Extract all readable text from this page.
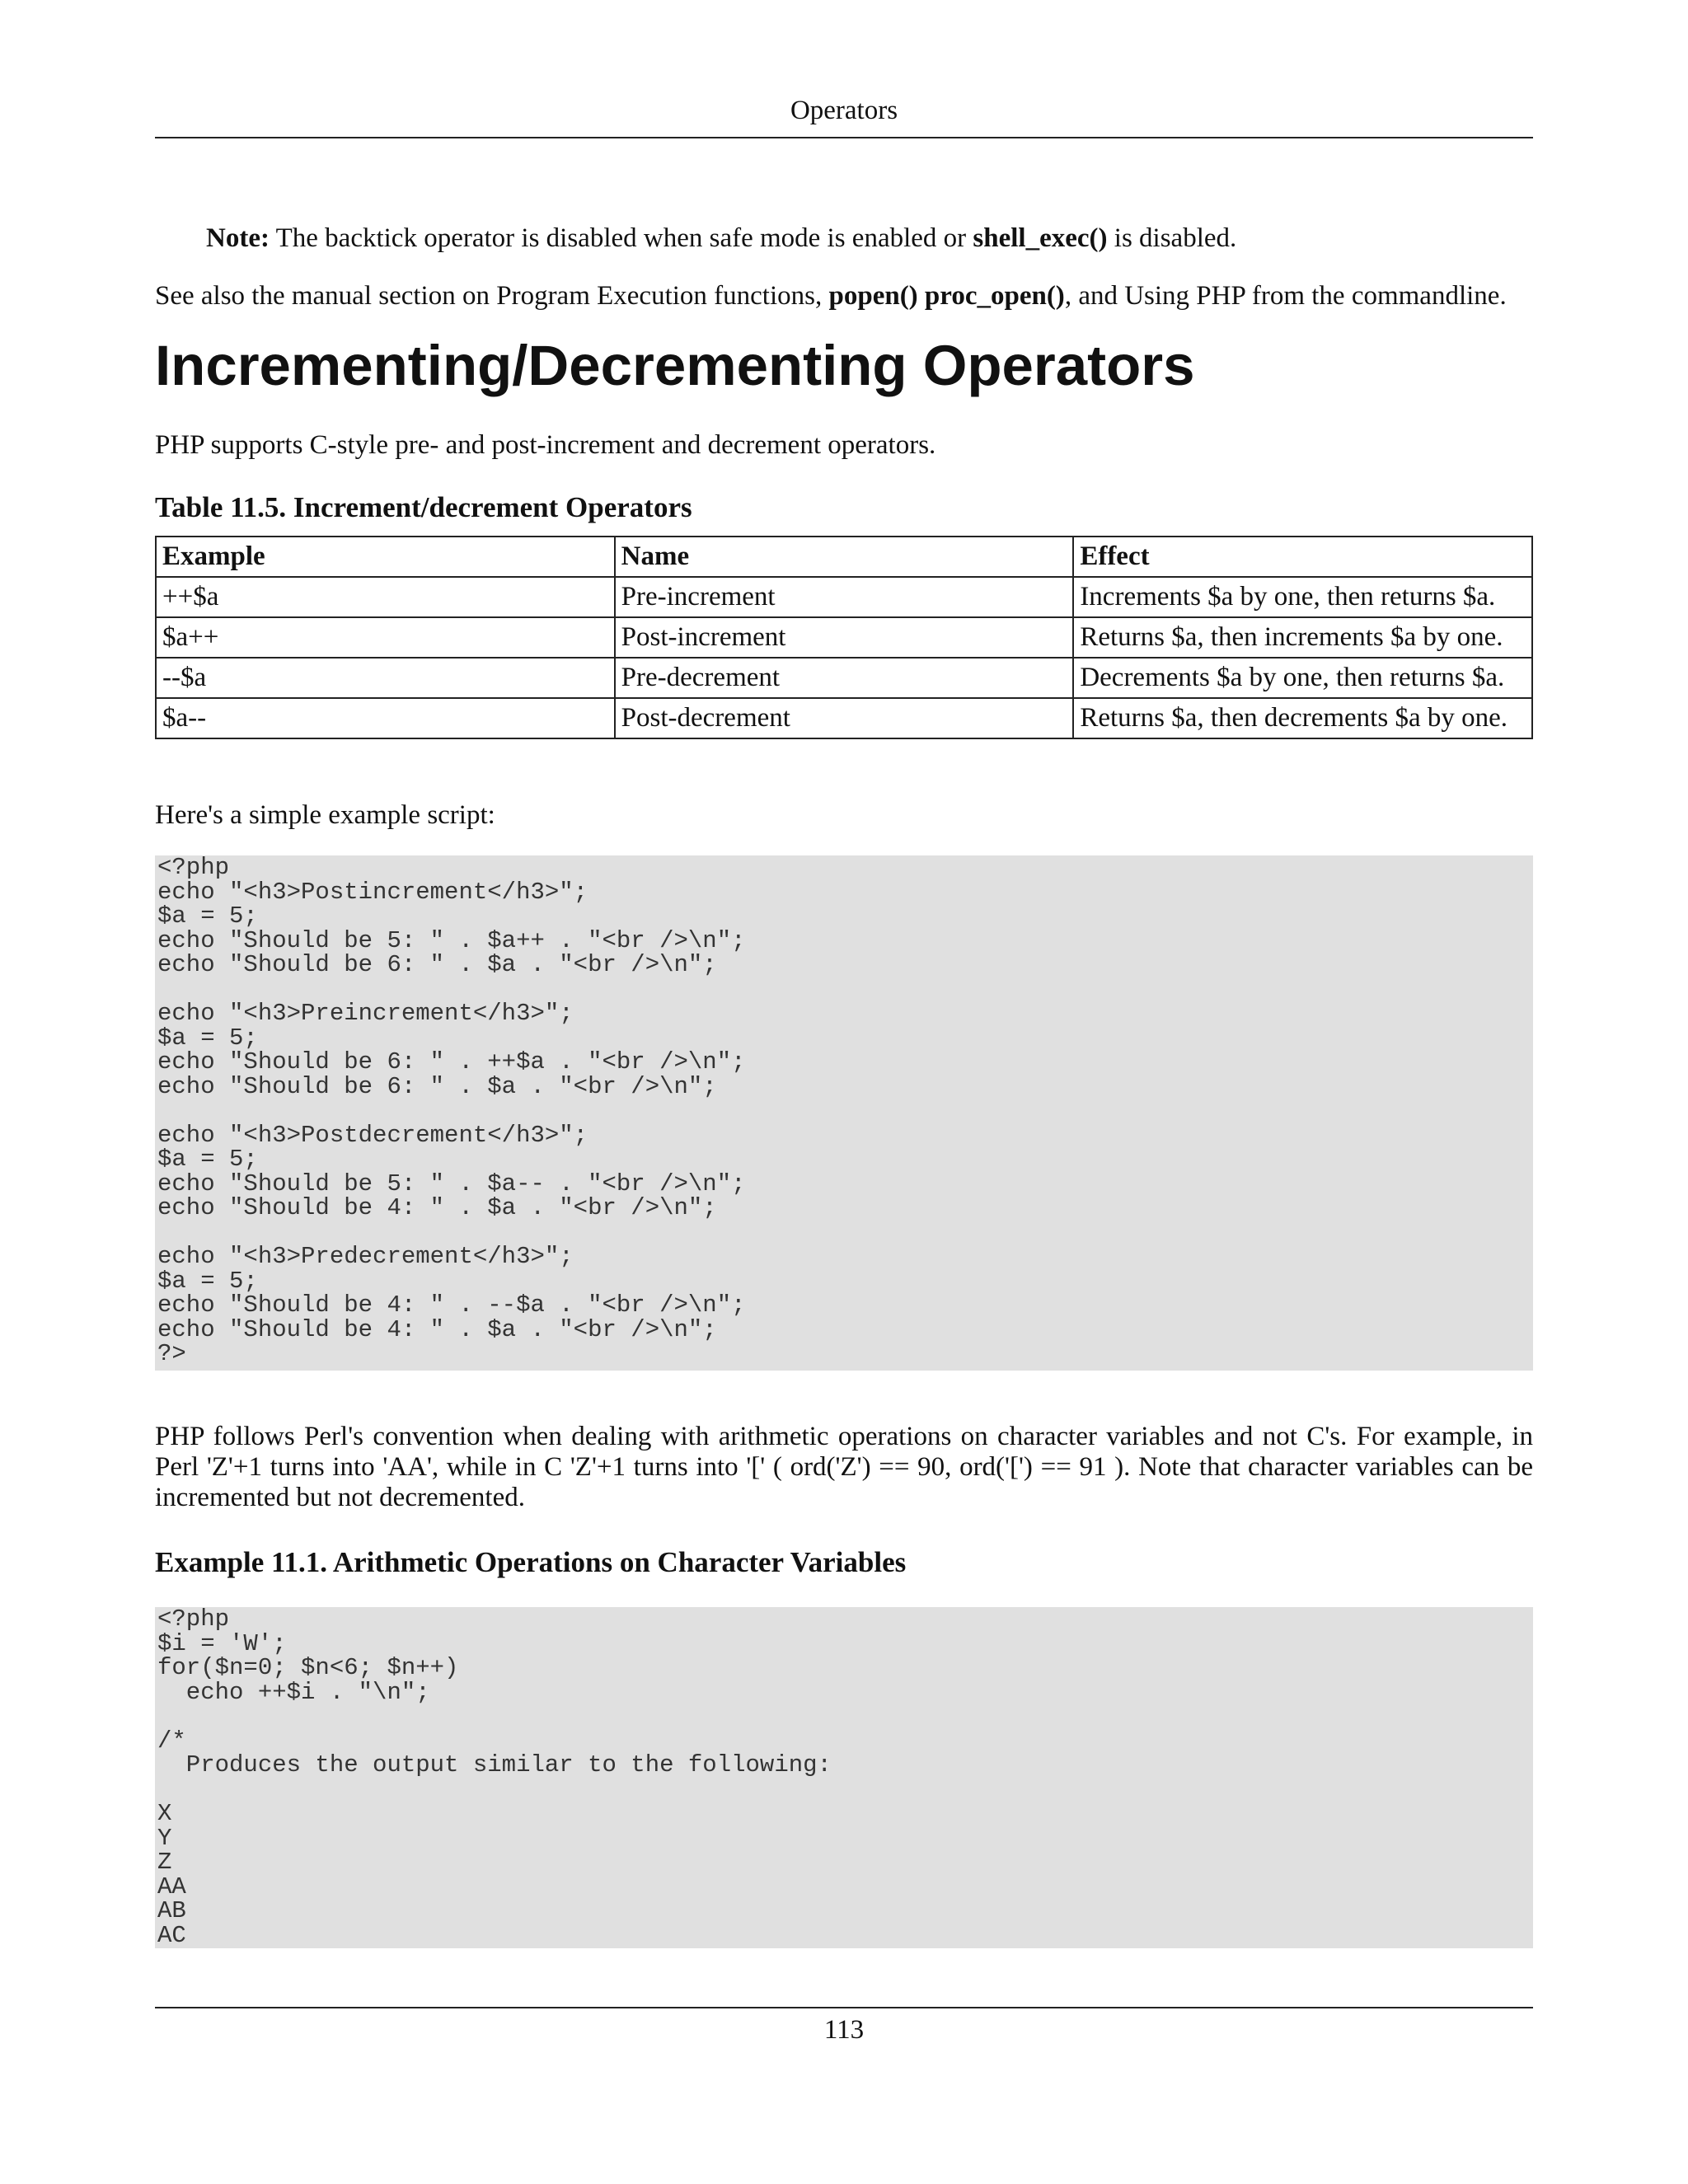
Operators

Note: The backtick operator is disabled when safe mode is enabled or shell_exec() is disabled.

See also the manual section on Program Execution functions, popen() proc_open(), and Using PHP from the commandline.

Incrementing/Decrementing Operators

PHP supports C-style pre- and post-increment and decrement operators.

Table 11.5. Increment/decrement Operators

Example	Name	Effect
++$a	Pre-increment	Increments $a by one, then returns $a.
$a++	Post-increment	Returns $a, then increments $a by one.
--$a	Pre-decrement	Decrements $a by one, then returns $a.
$a--	Post-decrement	Returns $a, then decrements $a by one.

Here's a simple example script:

<?php
echo "<h3>Postincrement</h3>";
$a = 5;
echo "Should be 5: " . $a++ . "<br />\n";
echo "Should be 6: " . $a . "<br />\n";

echo "<h3>Preincrement</h3>";
$a = 5;
echo "Should be 6: " . ++$a . "<br />\n";
echo "Should be 6: " . $a . "<br />\n";

echo "<h3>Postdecrement</h3>";
$a = 5;
echo "Should be 5: " . $a-- . "<br />\n";
echo "Should be 4: " . $a . "<br />\n";

echo "<h3>Predecrement</h3>";
$a = 5;
echo "Should be 4: " . --$a . "<br />\n";
echo "Should be 4: " . $a . "<br />\n";
?>

PHP follows Perl's convention when dealing with arithmetic operations on character variables and not C's. For example, in Perl 'Z'+1 turns into 'AA', while in C 'Z'+1 turns into '[' ( ord('Z') == 90, ord('[') == 91 ). Note that character variables can be incremented but not decremented.

Example 11.1. Arithmetic Operations on Character Variables

<?php
$i = 'W';
for($n=0; $n<6; $n++)
echo ++$i . "\n";

/*
Produces the output similar to the following:

X
Y
Z
AA
AB
AC
113
